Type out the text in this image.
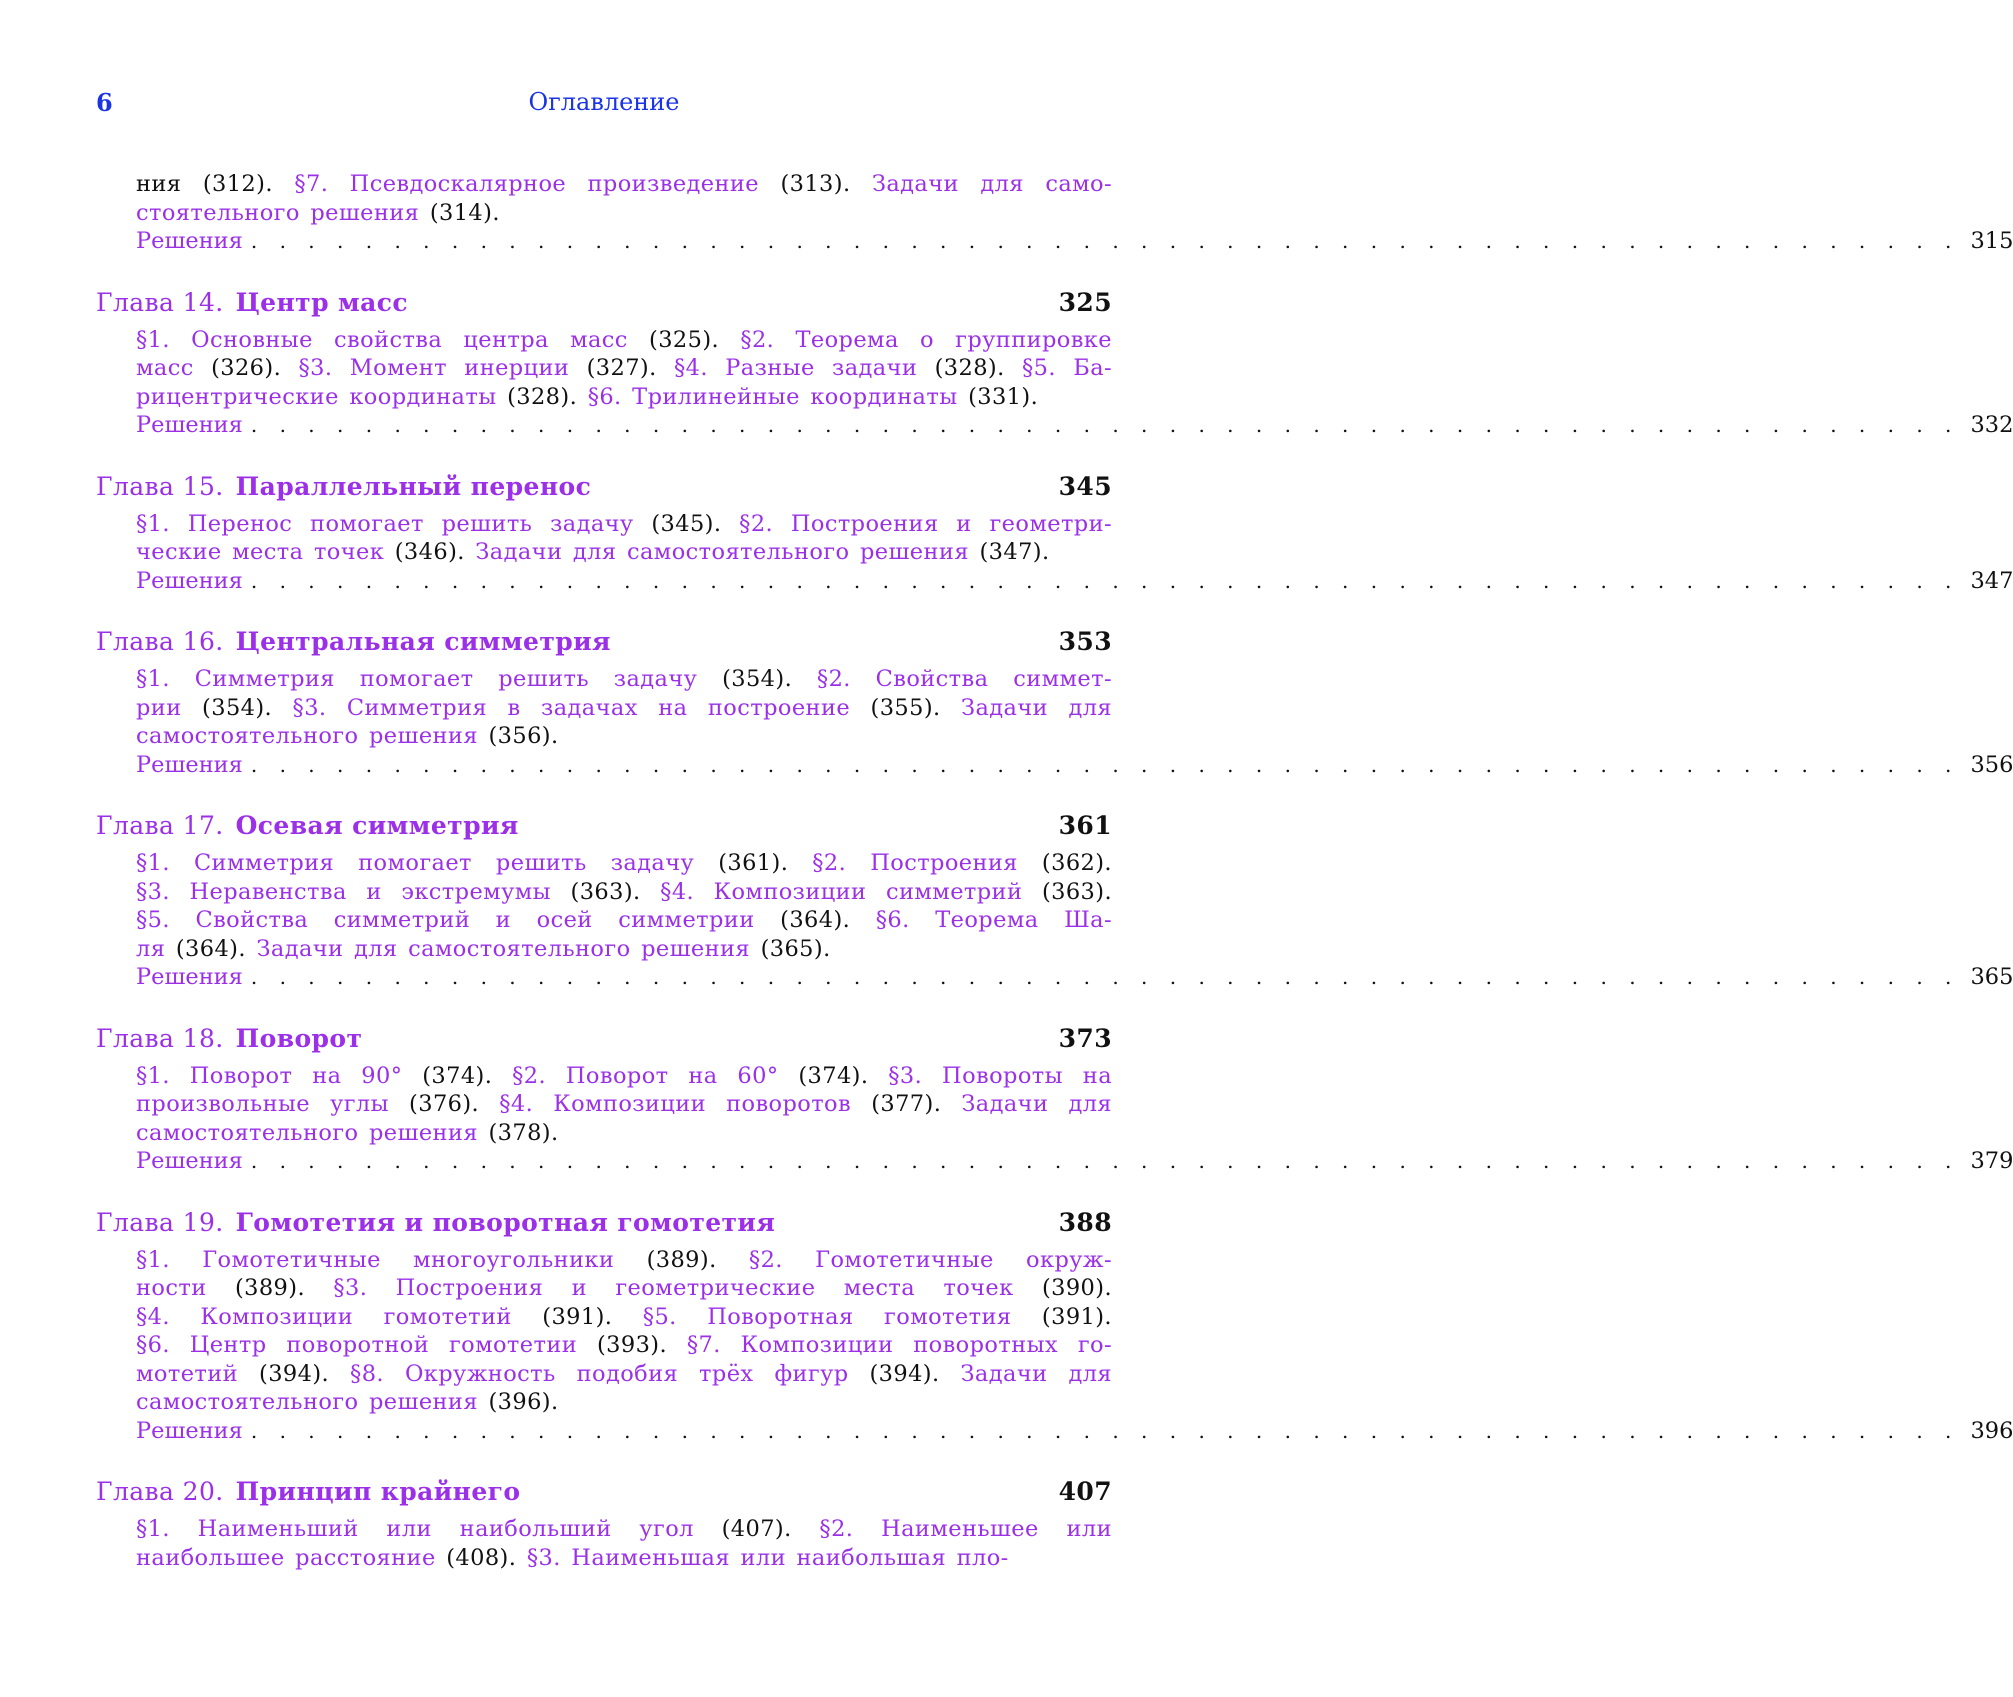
6	Оглавление
ния (312). §7. Псевдоскалярное произведение (313). Задачи для само-
стоятельного решения (314).
Решения . . . . . . . . . . . . . . . . . . . . . . . . . . . . . . . . . . . . . . . . . . . . . . . . . . . . . . . . . . . . 315
Глава 14. Центр масс	325
§1. Основные свойства центра масс (325). §2. Теорема о группировке
масс (326). §3. Момент инерции (327). §4. Разные задачи (328). §5. Ба-
рицентрические координаты (328). §6. Трилинейные координаты (331).
Решения . . . . . . . . . . . . . . . . . . . . . . . . . . . . . . . . . . . . . . . . . . . . . . . . . . . . . . . . . . . . 332
Глава 15. Параллельный перенос	345
§1. Перенос помогает решить задачу (345). §2. Построения и геометри-
ческие места точек (346). Задачи для самостоятельного решения (347).
Решения . . . . . . . . . . . . . . . . . . . . . . . . . . . . . . . . . . . . . . . . . . . . . . . . . . . . . . . . . . . . 347
Глава 16. Центральная симметрия	353
§1. Симметрия помогает решить задачу (354). §2. Свойства симмет-
рии (354). §3. Симметрия в задачах на построение (355). Задачи для
самостоятельного решения (356).
Решения . . . . . . . . . . . . . . . . . . . . . . . . . . . . . . . . . . . . . . . . . . . . . . . . . . . . . . . . . . . . 356
Глава 17. Осевая симметрия	361
§1. Симметрия помогает решить задачу (361). §2. Построения (362).
§3. Неравенства и экстремумы (363). §4. Композиции симметрий (363).
§5. Свойства симметрий и осей симметрии (364). §6. Теорема Ша-
ля (364). Задачи для самостоятельного решения (365).
Решения . . . . . . . . . . . . . . . . . . . . . . . . . . . . . . . . . . . . . . . . . . . . . . . . . . . . . . . . . . . . 365
Глава 18. Поворот	373
§1. Поворот на 90° (374). §2. Поворот на 60° (374). §3. Повороты на
произвольные углы (376). §4. Композиции поворотов (377). Задачи для
самостоятельного решения (378).
Решения . . . . . . . . . . . . . . . . . . . . . . . . . . . . . . . . . . . . . . . . . . . . . . . . . . . . . . . . . . . . 379
Глава 19. Гомотетия и поворотная гомотетия	388
§1. Гомотетичные многоугольники (389). §2. Гомотетичные окруж-
ности (389). §3. Построения и геометрические места точек (390).
§4. Композиции гомотетий (391). §5. Поворотная гомотетия (391).
§6. Центр поворотной гомотетии (393). §7. Композиции поворотных го-
мотетий (394). §8. Окружность подобия трёх фигур (394). Задачи для
самостоятельного решения (396).
Решения . . . . . . . . . . . . . . . . . . . . . . . . . . . . . . . . . . . . . . . . . . . . . . . . . . . . . . . . . . . . 396
Глава 20. Принцип крайнего	407
§1. Наименьший или наибольший угол (407). §2. Наименьшее или
наибольшее расстояние (408). §3. Наименьшая или наибольшая пло-
